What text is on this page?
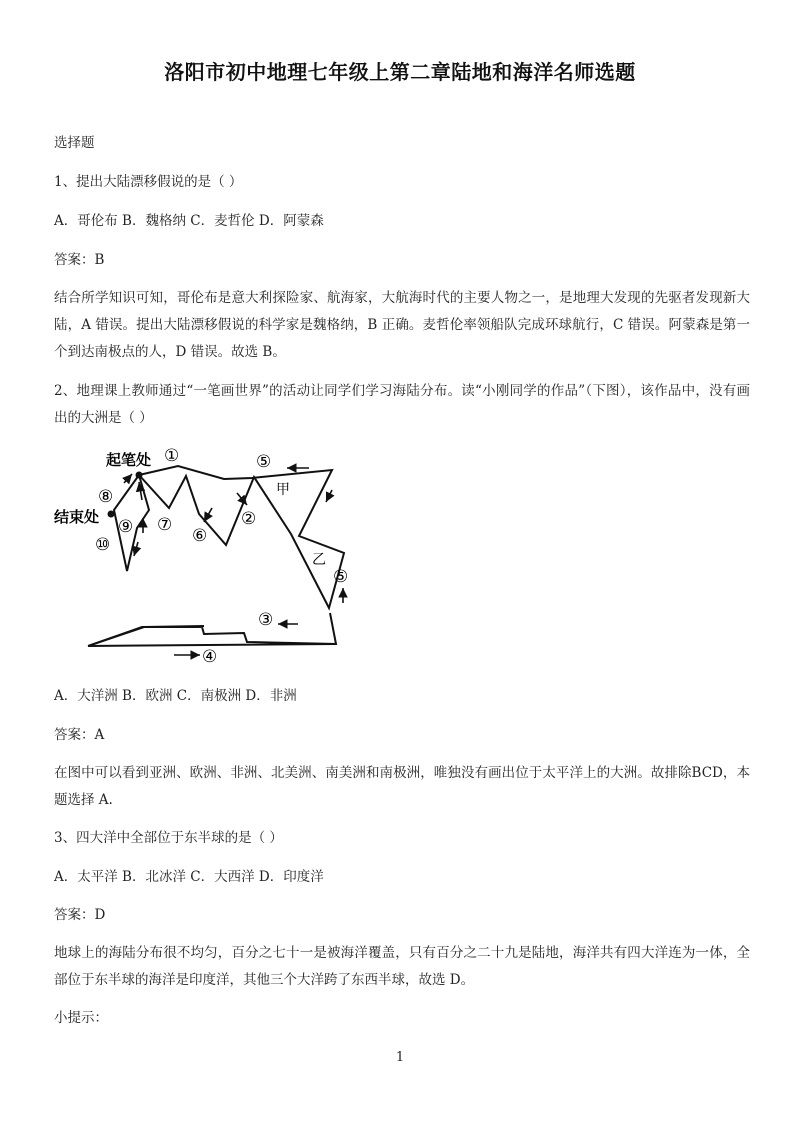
洛阳市初中地理七年级上第二章陆地和海洋名师选题
选择题
1、提出大陆漂移假说的是（ ）
A．哥伦布 B．魏格纳 C．麦哲伦 D．阿蒙森
答案：B
结合所学知识可知，哥伦布是意大利探险家、航海家，大航海时代的主要人物之一，是地理大发现的先驱者发现新大陆，A 错误。提出大陆漂移假说的科学家是魏格纳，B 正确。麦哲伦率领船队完成环球航行，C 错误。阿蒙森是第一个到达南极点的人，D 错误。故选 B。
2、地理课上教师通过“一笔画世界”的活动让同学们学习海陆分布。读“小刚同学的作品”（下图），该作品中，没有画出的大洲是（ ）
起笔处
结束处
甲
乙
①
②
③
④
⑤
⑤
⑥
⑦
⑧
⑨
⑩
A．大洋洲 B．欧洲 C．南极洲 D．非洲
答案：A
在图中可以看到亚洲、欧洲、非洲、北美洲、南美洲和南极洲，唯独没有画出位于太平洋上的大洲。故排除BCD，本题选择 A.
3、四大洋中全部位于东半球的是（ ）
A．太平洋 B．北冰洋 C．大西洋 D．印度洋
答案：D
地球上的海陆分布很不均匀，百分之七十一是被海洋覆盖，只有百分之二十九是陆地，海洋共有四大洋连为一体，全部位于东半球的海洋是印度洋，其他三个大洋跨了东西半球，故选 D。
小提示：
1
